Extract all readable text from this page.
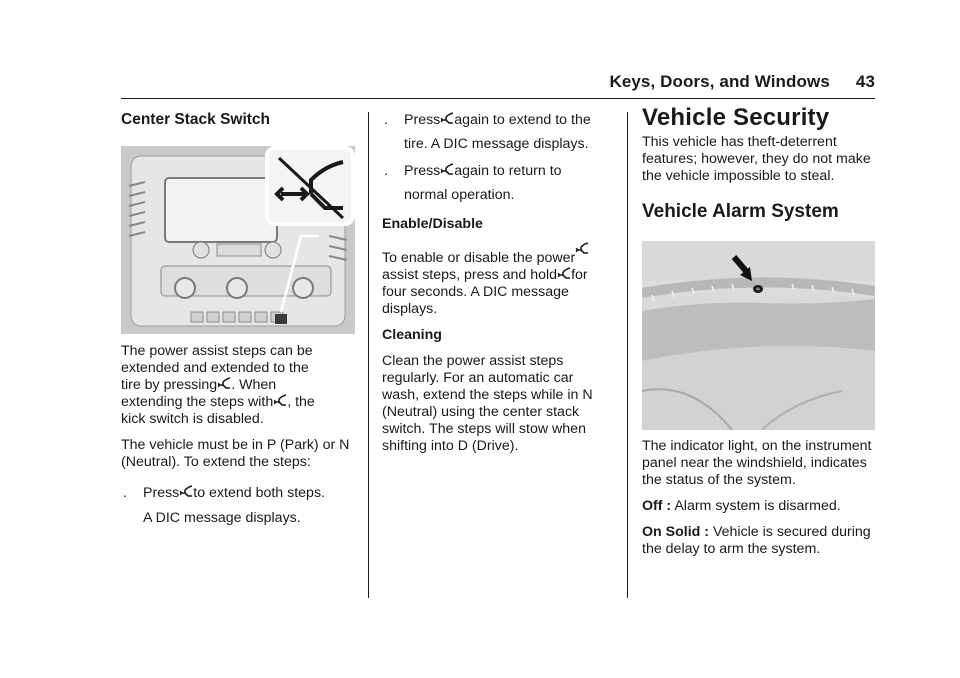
Keys, Doors, and Windows 43
Center Stack Switch

The power assist steps can be extended and extended to the
tire by pressing . When
extending the steps with , the
kick switch is disabled.

The vehicle must be in P (Park) or N (Neutral). To extend the steps:

. Press to extend both steps.
A DIC message displays.
. Press again to extend to the
tire. A DIC message displays.
. Press again to return to
normal operation.

Enable/Disable

To enable or disable the power
assist steps, press and hold for
four seconds. A DIC message displays.

Cleaning

Clean the power assist steps regularly. For an automatic car wash, extend the steps while in N (Neutral) using the center stack switch. The steps will stow when shifting into D (Drive).

Vehicle Security

This vehicle has theft-deterrent features; however, they do not make the vehicle impossible to steal.

Vehicle Alarm System

The indicator light, on the instrument panel near the windshield, indicates the status of the system.

Off : Alarm system is disarmed.

On Solid : Vehicle is secured during the delay to arm the system.
